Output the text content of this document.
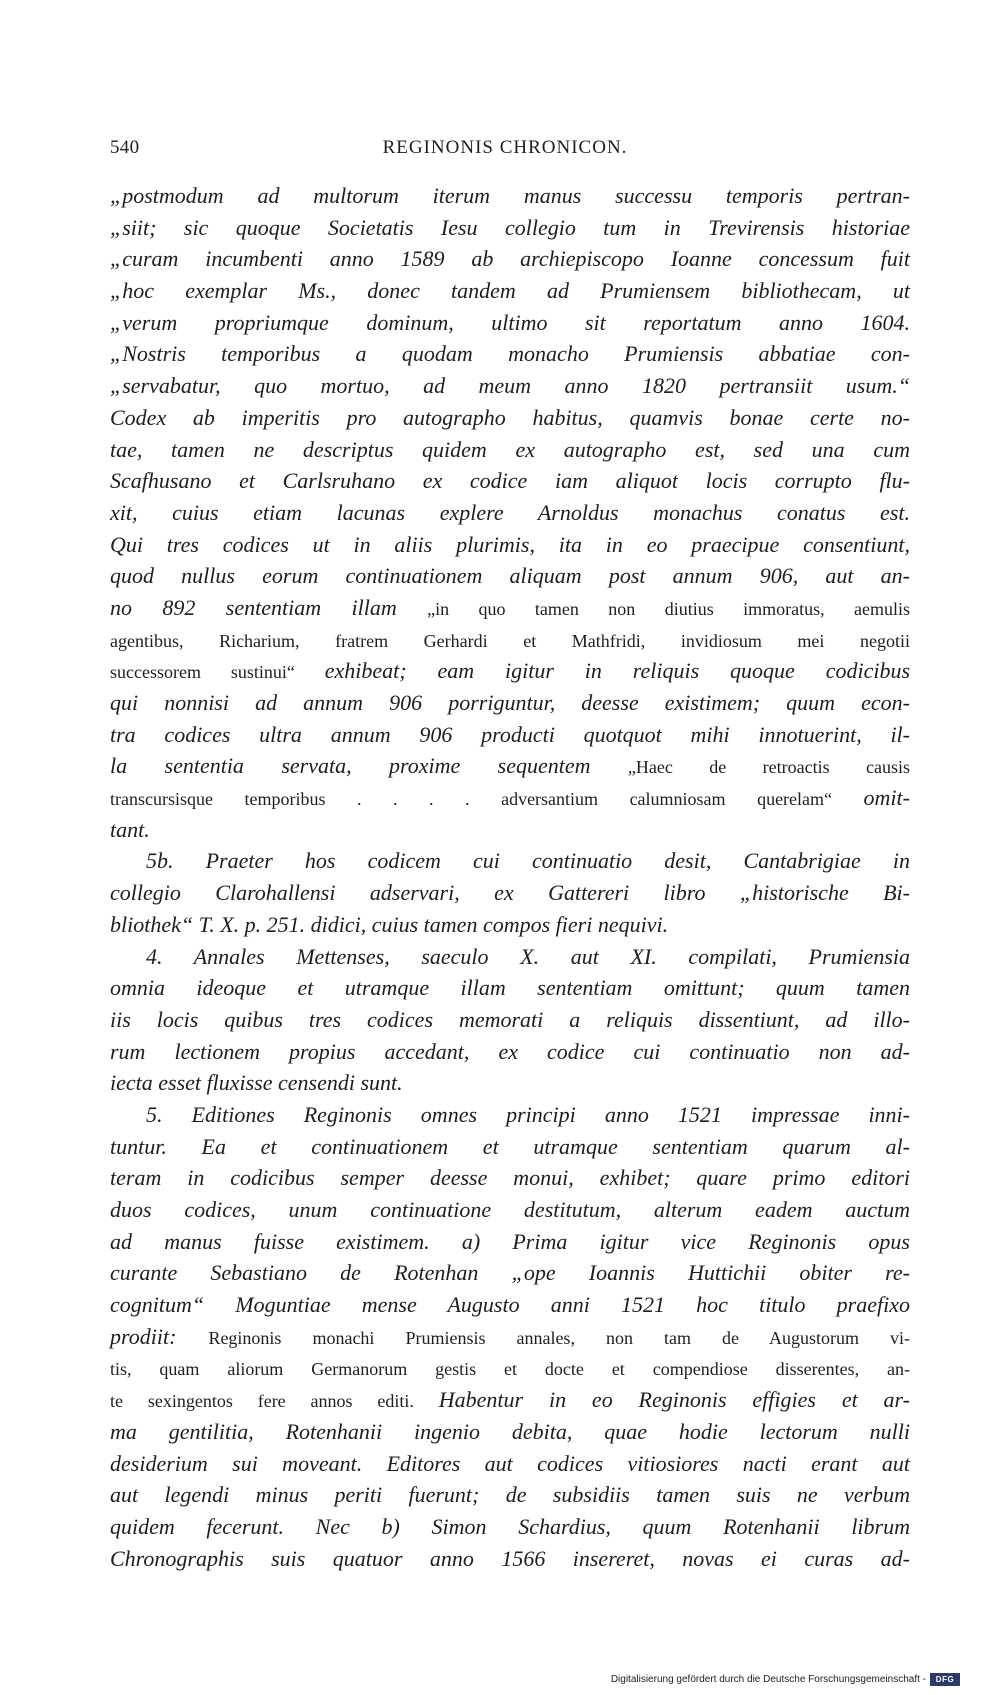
540	REGINONIS CHRONICON.
„postmodum ad multorum iterum manus successu temporis pertran-
„siit; sic quoque Societatis Iesu collegio tum in Trevirensis historiae
„curam incumbenti anno 1589 ab archiepiscopo Ioanne concessum fuit
„hoc exemplar Ms., donec tandem ad Prumiensem bibliothecam, ut
„verum propriumque dominum, ultimo sit reportatum anno 1604.
„Nostris temporibus a quodam monacho Prumiensis abbatiae con-
„servabatur, quo mortuo, ad meum anno 1820 pertransiit usum.“
Codex ab imperitis pro autographo habitus, quamvis bonae certe no-
tae, tamen ne descriptus quidem ex autographo est, sed una cum
Scafhusano et Carlsruhano ex codice iam aliquot locis corrupto flu-
xit, cuius etiam lacunas explere Arnoldus monachus conatus est.
Qui tres codices ut in aliis plurimis, ita in eo praecipue consentiunt,
quod nullus eorum continuationem aliquam post annum 906, aut an-
no 892 sententiam illam „in quo tamen non diutius immoratus, aemulis
agentibus, Richarium, fratrem Gerhardi et Mathfridi, invidiosum mei negotii
successorem sustinui“ exhibeat; eam igitur in reliquis quoque codicibus
qui nonnisi ad annum 906 porriguntur, deesse existimem; quum econ-
tra codices ultra annum 906 producti quotquot mihi innotuerint, il-
la sententia servata, proxime sequentem „Haec de retroactis causis
transcursisque temporibus . . . . adversantium calumniosam querelam“ omit-
tant.
5b. Praeter hos codicem cui continuatio desit, Cantabrigiae in
collegio Clarohallensi adservari, ex Gattereri libro „historische Bi-
bliothek“ T. X. p. 251. didici, cuius tamen compos fieri nequivi.
4. Annales Mettenses, saeculo X. aut XI. compilati, Prumiensia
omnia ideoque et utramque illam sententiam omittunt; quum tamen
iis locis quibus tres codices memorati a reliquis dissentiunt, ad illo-
rum lectionem propius accedant, ex codice cui continuatio non ad-
iecta esset fluxisse censendi sunt.
5. Editiones Reginonis omnes principi anno 1521 impressae inni-
tuntur. Ea et continuationem et utramque sententiam quarum al-
teram in codicibus semper deesse monui, exhibet; quare primo editori
duos codices, unum continuatione destitutum, alterum eadem auctum
ad manus fuisse existimem. a) Prima igitur vice Reginonis opus
curante Sebastiano de Rotenhan „ope Ioannis Huttichii obiter re-
cognitum“ Moguntiae mense Augusto anni 1521 hoc titulo praefixo
prodiit: Reginonis monachi Prumiensis annales, non tam de Augustorum vi-
tis, quam aliorum Germanorum gestis et docte et compendiose disserentes, an-
te sexingentos fere annos editi. Habentur in eo Reginonis effigies et ar-
ma gentilitia, Rotenhanii ingenio debita, quae hodie lectorum nulli
desiderium sui moveant. Editores aut codices vitiosiores nacti erant aut
aut legendi minus periti fuerunt; de subsidiis tamen suis ne verbum
quidem fecerunt. Nec b) Simon Schardius, quum Rotenhanii librum
Chronographis suis quatuor anno 1566 insereret, novas ei curas ad-
Digitalisierung gefördert durch die Deutsche Forschungsgemeinschaft -	DFG
